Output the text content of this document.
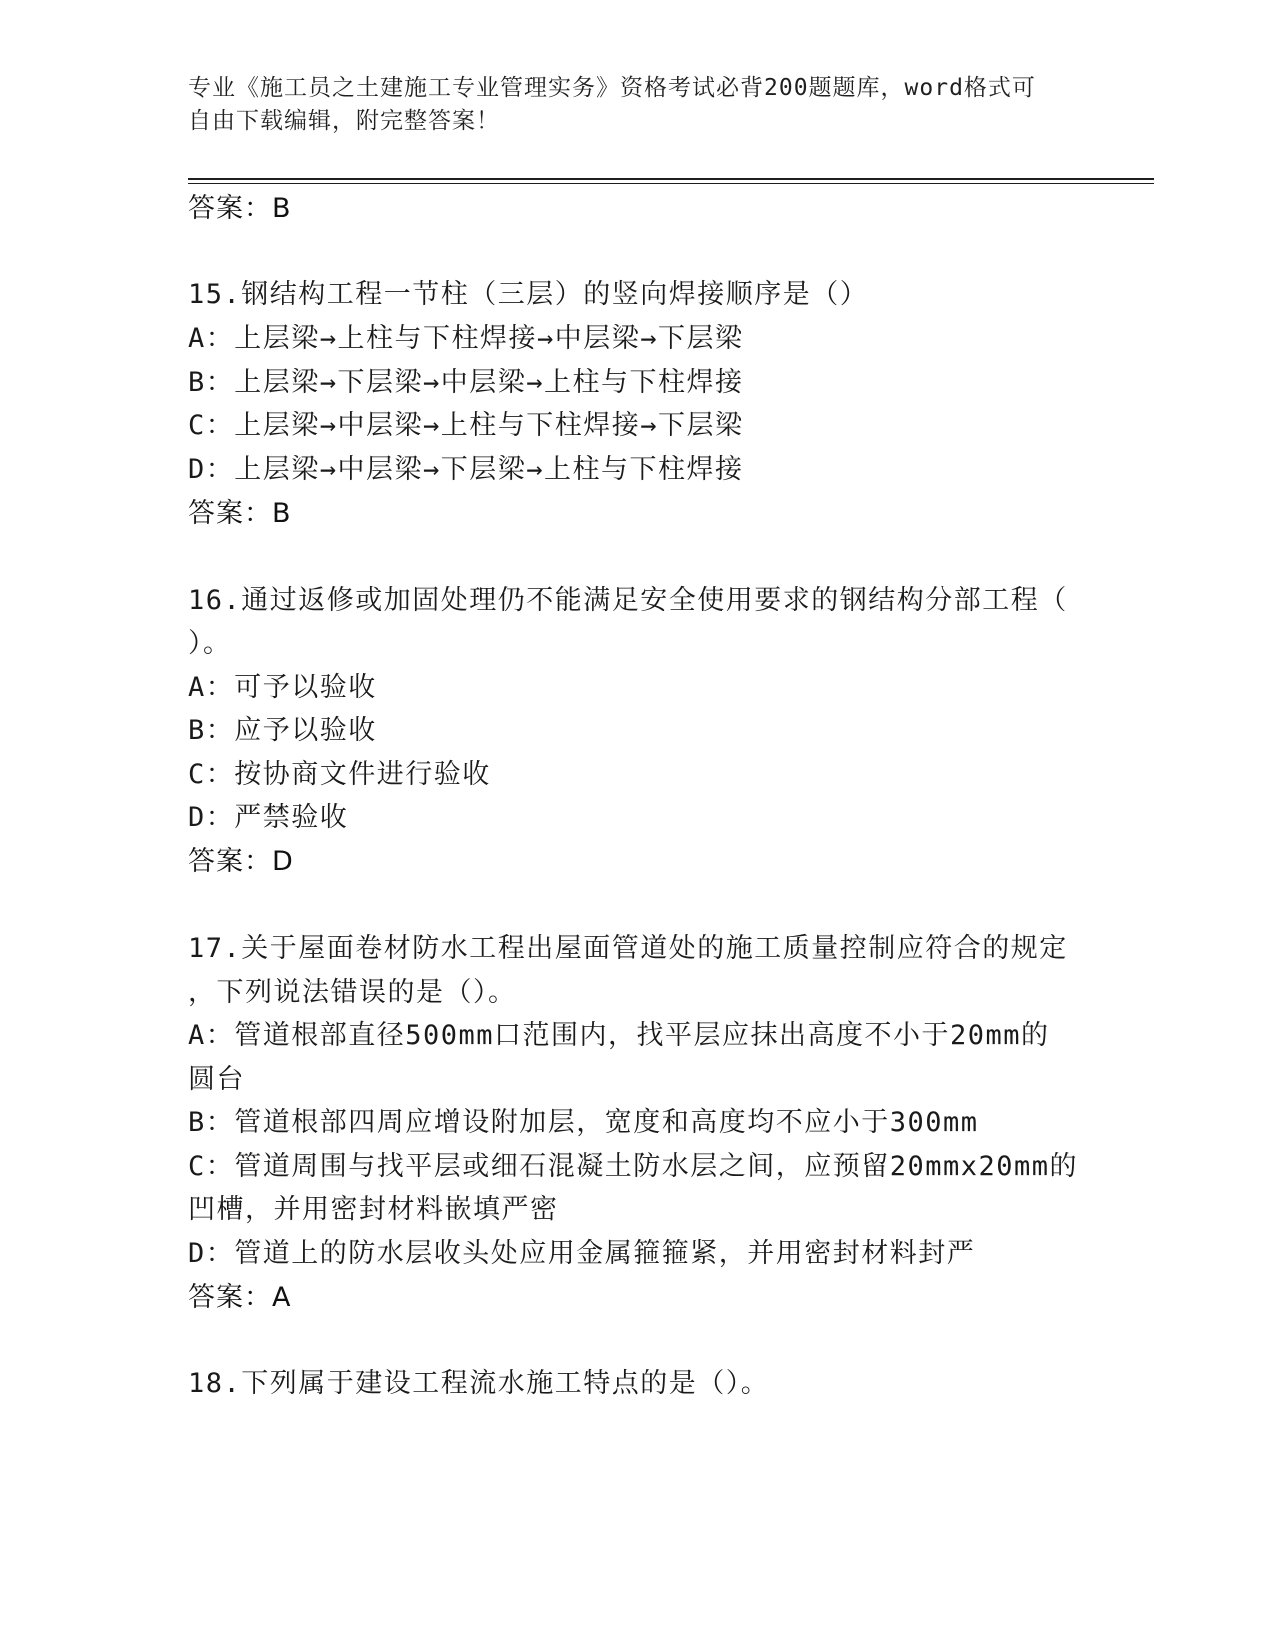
专业《施工员之土建施工专业管理实务》资格考试必背200题题库，word格式可
自由下载编辑，附完整答案！
答案：B
15.钢结构工程一节柱（三层）的竖向焊接顺序是（）
A：上层梁→上柱与下柱焊接→中层梁→下层梁
B：上层梁→下层梁→中层梁→上柱与下柱焊接
C：上层梁→中层梁→上柱与下柱焊接→下层梁
D：上层梁→中层梁→下层梁→上柱与下柱焊接
答案：B
16.通过返修或加固处理仍不能满足安全使用要求的钢结构分部工程（
）。
A：可予以验收
B：应予以验收
C：按协商文件进行验收
D：严禁验收
答案：D
17.关于屋面卷材防水工程出屋面管道处的施工质量控制应符合的规定
，下列说法错误的是（）。
A：管道根部直径500mm口范围内，找平层应抹出高度不小于20mm的
圆台
B：管道根部四周应增设附加层，宽度和高度均不应小于300mm
C：管道周围与找平层或细石混凝土防水层之间，应预留20mmx20mm的
凹槽，并用密封材料嵌填严密
D：管道上的防水层收头处应用金属箍箍紧，并用密封材料封严
答案：A
18.下列属于建设工程流水施工特点的是（）。
